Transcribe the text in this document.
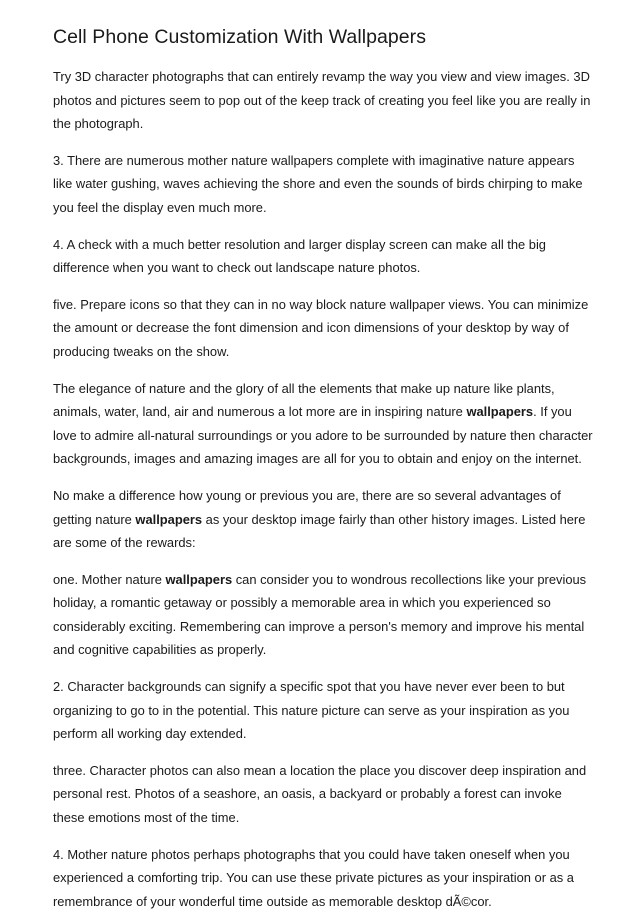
Cell Phone Customization With Wallpapers

Try 3D character photographs that can entirely revamp the way you view and view images. 3D photos and pictures seem to pop out of the keep track of creating you feel like you are really in the photograph.

3. There are numerous mother nature wallpapers complete with imaginative nature appears like water gushing, waves achieving the shore and even the sounds of birds chirping to make you feel the display even much more.

4. A check with a much better resolution and larger display screen can make all the big difference when you want to check out landscape nature photos.

five. Prepare icons so that they can in no way block nature wallpaper views. You can minimize the amount or decrease the font dimension and icon dimensions of your desktop by way of producing tweaks on the show.

The elegance of nature and the glory of all the elements that make up nature like plants, animals, water, land, air and numerous a lot more are in inspiring nature wallpapers. If you love to admire all-natural surroundings or you adore to be surrounded by nature then character backgrounds, images and amazing images are all for you to obtain and enjoy on the internet.

No make a difference how young or previous you are, there are so several advantages of getting nature wallpapers as your desktop image fairly than other history images. Listed here are some of the rewards:

one. Mother nature wallpapers can consider you to wondrous recollections like your previous holiday, a romantic getaway or possibly a memorable area in which you experienced so considerably exciting. Remembering can improve a person's memory and improve his mental and cognitive capabilities as properly.

2. Character backgrounds can signify a specific spot that you have never ever been to but organizing to go to in the potential. This nature picture can serve as your inspiration as you perform all working day extended.

three. Character photos can also mean a location the place you discover deep inspiration and personal rest. Photos of a seashore, an oasis, a backyard or probably a forest can invoke these emotions most of the time.

4. Mother nature photos perhaps photographs that you could have taken oneself when you experienced a comforting trip. You can use these private pictures as your inspiration or as a remembrance of your wonderful time outside as memorable desktop dÃ©cor.
